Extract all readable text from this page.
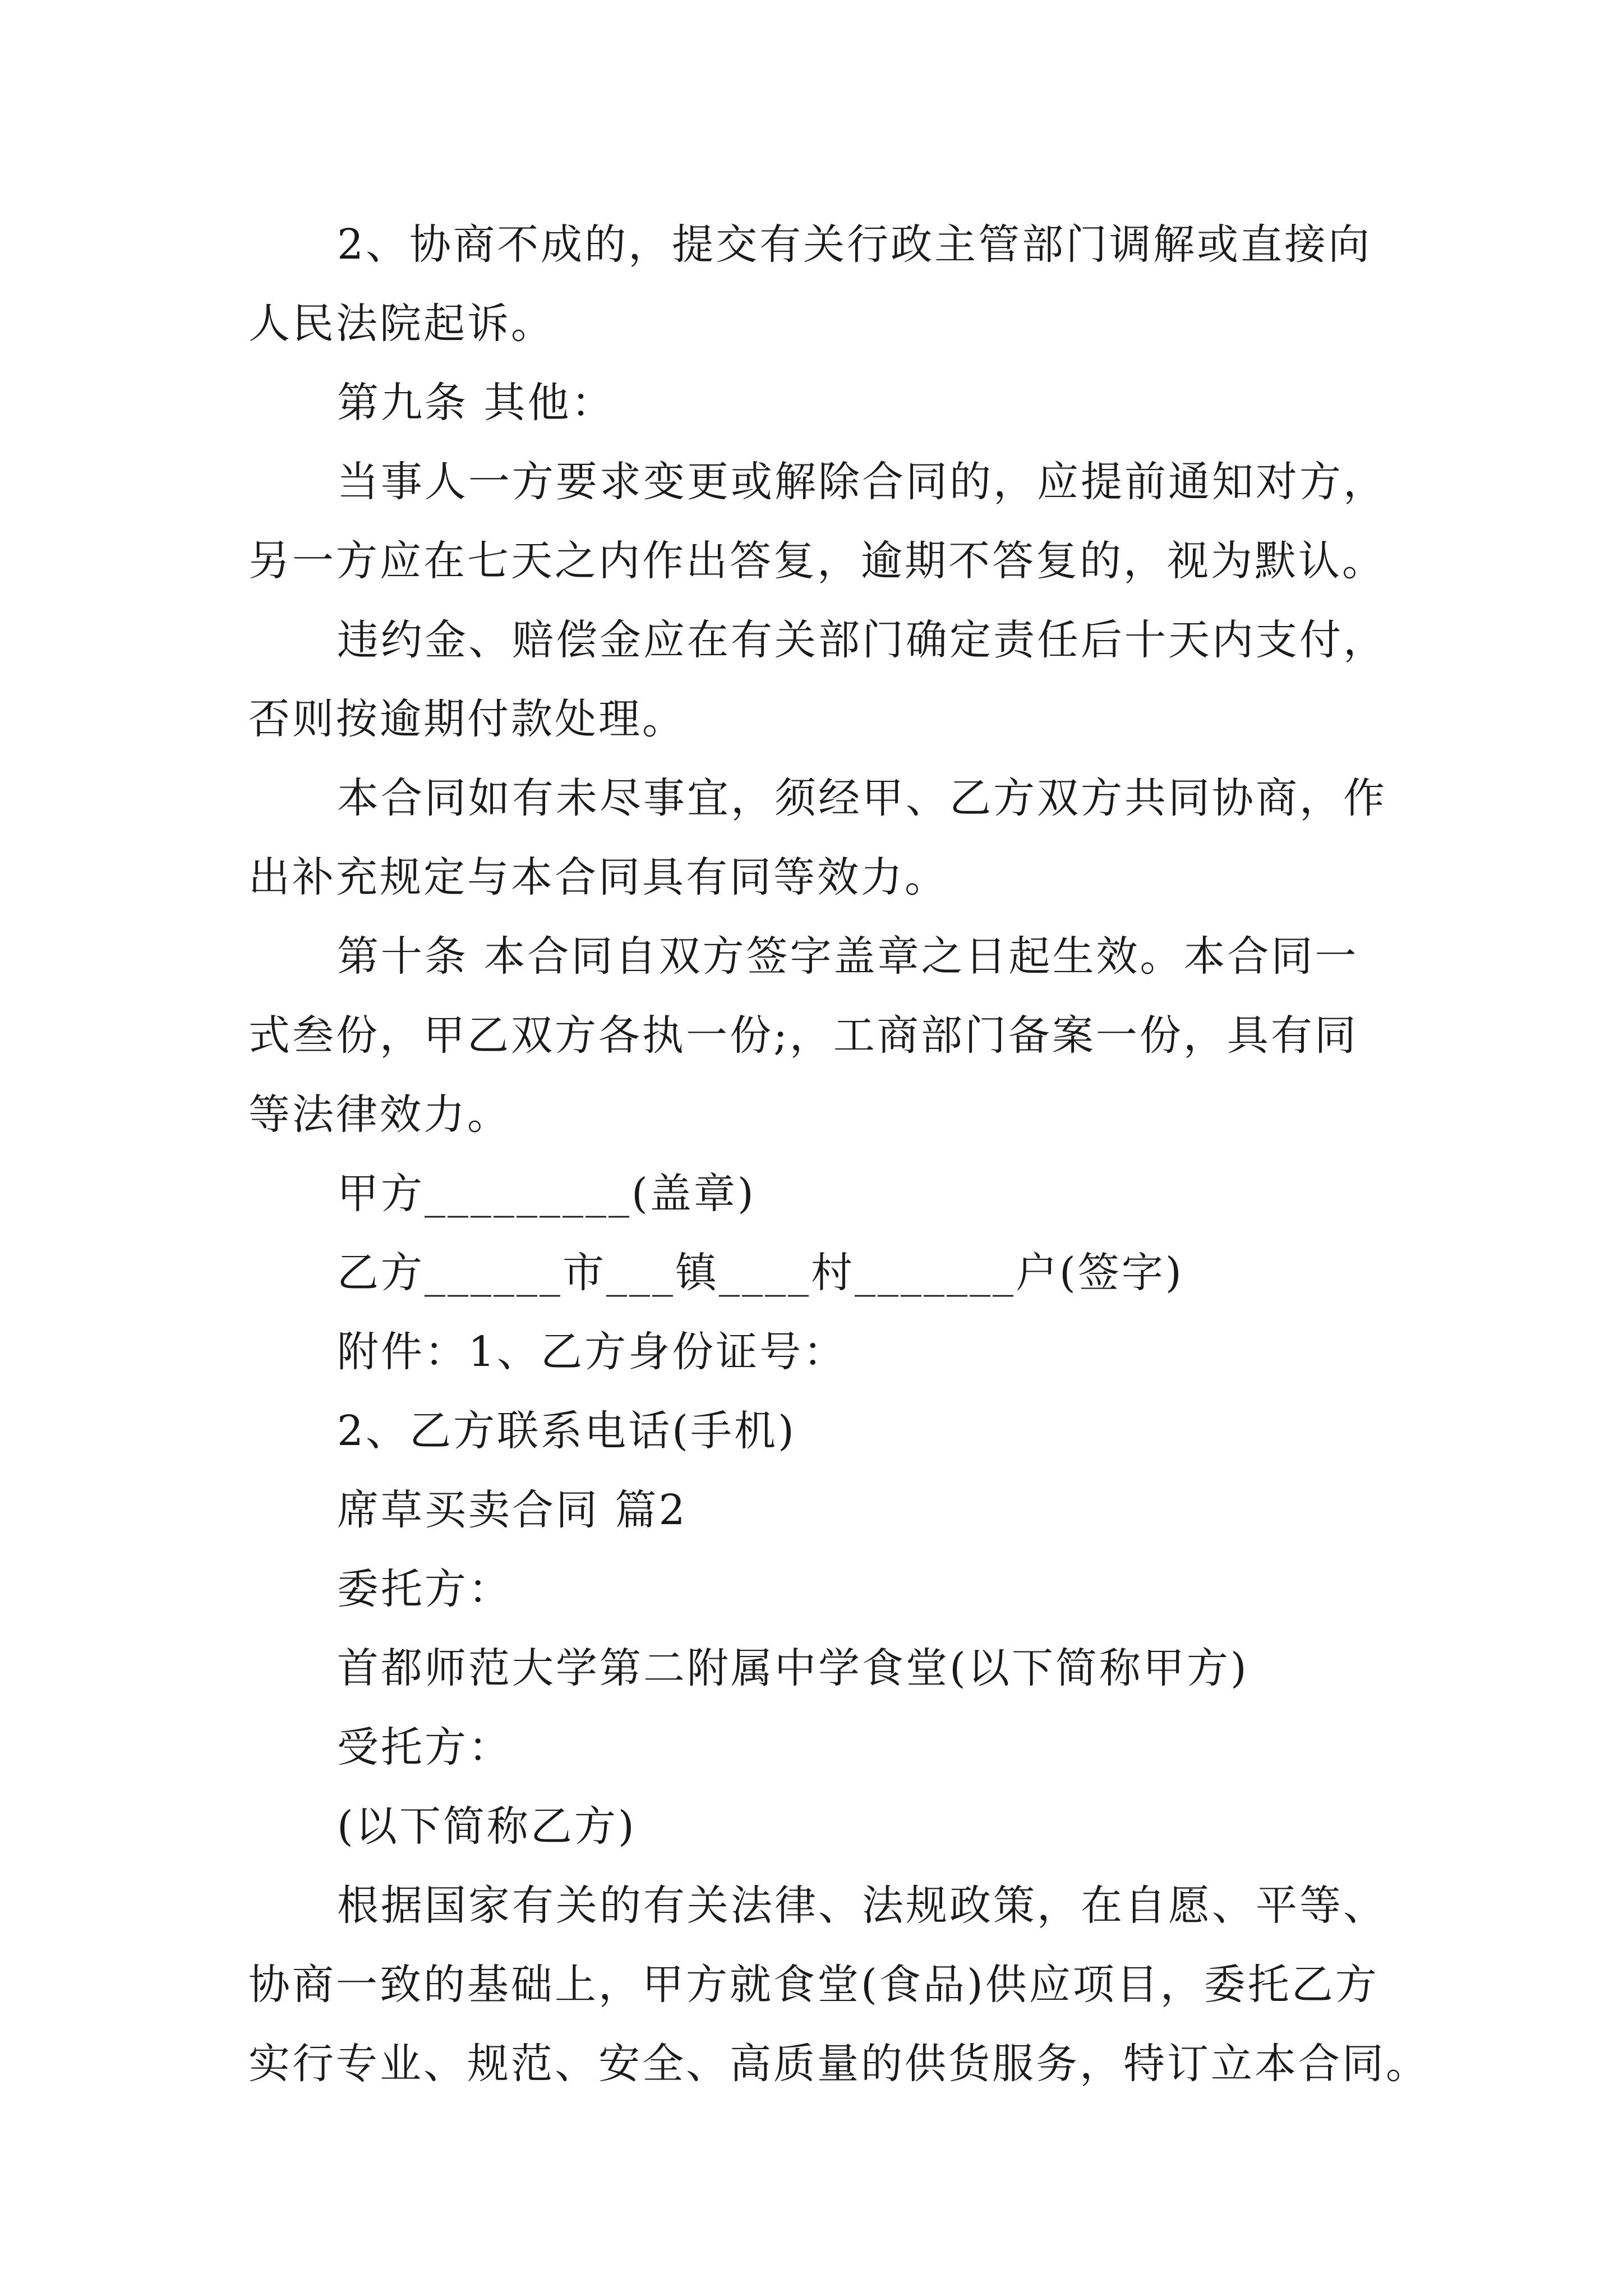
2、协商不成的，提交有关行政主管部门调解或直接向
人民法院起诉。
第九条 其他：
当事人一方要求变更或解除合同的，应提前通知对方，
另一方应在七天之内作出答复，逾期不答复的，视为默认。
违约金、赔偿金应在有关部门确定责任后十天内支付，
否则按逾期付款处理。
本合同如有未尽事宜，须经甲、乙方双方共同协商，作
出补充规定与本合同具有同等效力。
第十条 本合同自双方签字盖章之日起生效。本合同一
式叁份，甲乙双方各执一份;，工商部门备案一份，具有同
等法律效力。
甲方_________(盖章)
乙方______市___镇____村_______户(签字)
附件：1、乙方身份证号：
2、乙方联系电话(手机)
席草买卖合同 篇2
委托方：
首都师范大学第二附属中学食堂(以下简称甲方)
受托方：
(以下简称乙方)
根据国家有关的有关法律、法规政策，在自愿、平等、
协商一致的基础上，甲方就食堂(食品)供应项目，委托乙方
实行专业、规范、安全、高质量的供货服务，特订立本合同。
